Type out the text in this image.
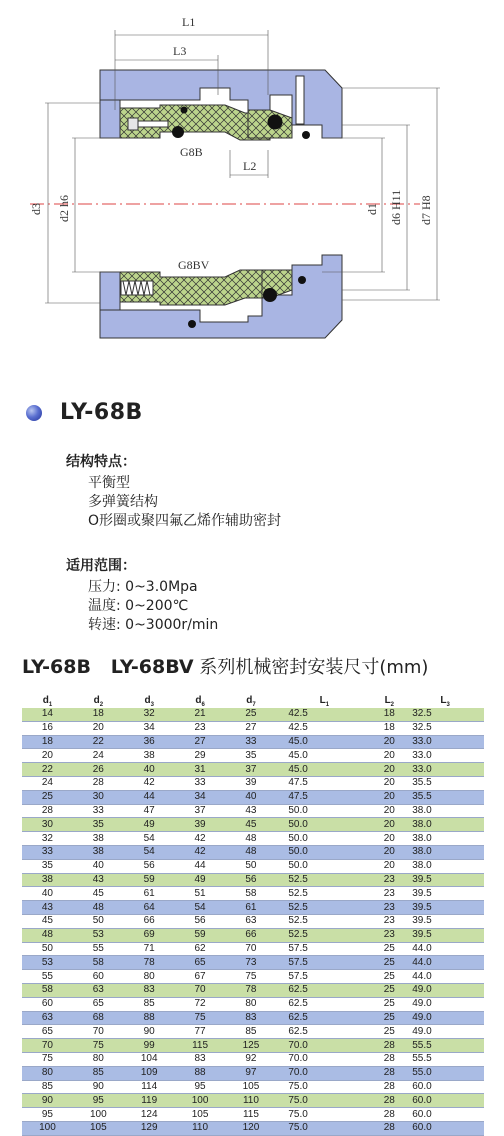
L1
L3
L2
G8B
G8BV
d3 d2 h6	d1 d6 H11 d7 H8
LY-68B
结构特点：
平衡型
多弹簧结构
O形圈或聚四氟乙烯作辅助密封
适用范围：
压力: 0~3.0Mpa
温度: 0~200℃
转速: 0~3000r/min
LY-68B   LY-68BV 系列机械密封安装尺寸(mm)
$d_1$	$d_2$	$d_3$	$d_6$	$d_7$	$L_1$	$L_2$	$L_3$
14	18	32	21	25	42.5	18	32.5
16	20	34	23	27	42.5	18	32.5
18	22	36	27	33	45.0	20	33.0
20	24	38	29	35	45.0	20	33.0
22	26	40	31	37	45.0	20	33.0
24	28	42	33	39	47.5	20	35.5
25	30	44	34	40	47.5	20	35.5
28	33	47	37	43	50.0	20	38.0
30	35	49	39	45	50.0	20	38.0
32	38	54	42	48	50.0	20	38.0
33	38	54	42	48	50.0	20	38.0
35	40	56	44	50	50.0	20	38.0
38	43	59	49	56	52.5	23	39.5
40	45	61	51	58	52.5	23	39.5
43	48	64	54	61	52.5	23	39.5
45	50	66	56	63	52.5	23	39.5
48	53	69	59	66	52.5	23	39.5
50	55	71	62	70	57.5	25	44.0
53	58	78	65	73	57.5	25	44.0
55	60	80	67	75	57.5	25	44.0
58	63	83	70	78	62.5	25	49.0
60	65	85	72	80	62.5	25	49.0
63	68	88	75	83	62.5	25	49.0
65	70	90	77	85	62.5	25	49.0
70	75	99	115	125	70.0	28	55.5
75	80	104	83	92	70.0	28	55.5
80	85	109	88	97	70.0	28	55.0
85	90	114	95	105	75.0	28	60.0
90	95	119	100	110	75.0	28	60.0
95	100	124	105	115	75.0	28	60.0
100	105	129	110	120	75.0	28	60.0
